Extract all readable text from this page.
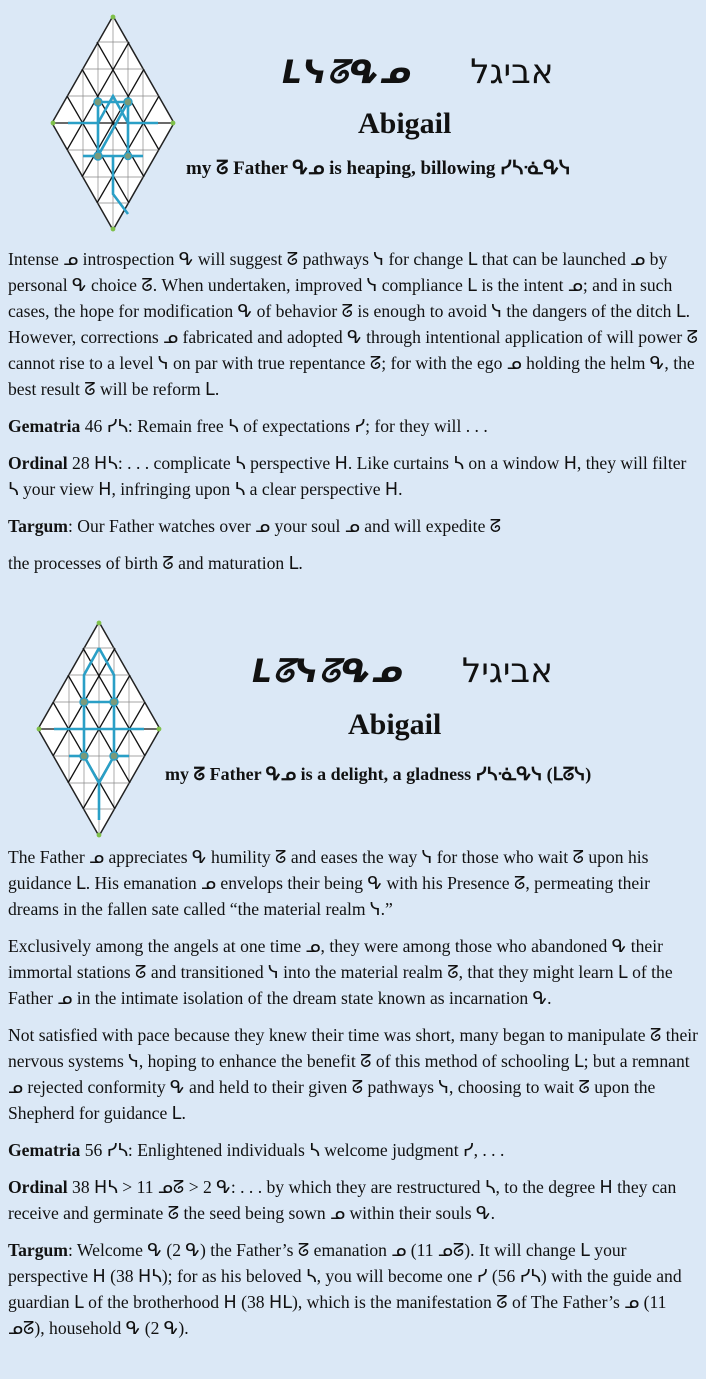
ᒪᓭᘔᕴᓄ אביגל
Abigail
my ᘔ Father ᕴᓄ is heaping, billowing ᓯᓴᓍᕴᓭ

Intense ᓄ introspection ᕴ will suggest ᘔ pathways ᓭ for change ᒪ that can be launched ᓄ by personal ᕴ choice ᘔ. When undertaken, improved ᓭ compliance ᒪ is the intent ᓄ; and in such cases, the hope for modification ᕴ of behavior ᘔ is enough to avoid ᓭ the dangers of the ditch ᒪ. However, corrections ᓄ fabricated and adopted ᕴ through intentional application of will power ᘔ cannot rise to a level ᓭ on par with true repentance ᘔ; for with the ego ᓄ holding the helm ᕴ, the best result ᘔ will be reform ᒪ.

Gematria 46 ᓯᓴ: Remain free ᓴ of expectations ᓯ; for they will . . .

Ordinal 28 ᕼᓴ: . . . complicate ᓴ perspective ᕼ. Like curtains ᓴ on a window ᕼ, they will filter ᓴ your view ᕼ, infringing upon ᓴ a clear perspective ᕼ.

Targum: Our Father watches over ᓄ your soul ᓄ and will expedite ᘔ

the processes of birth ᘔ and maturation ᒪ.

ᒪᘔᓭᘔᕴᓄ אביגיל
Abigail
my ᘔ Father ᕴᓄ is a delight, a gladness ᓯᓴᓍᕴᓭ (ᒪᘔᓭ)

The Father ᓄ appreciates ᕴ humility ᘔ and eases the way ᓭ for those who wait ᘔ upon his guidance ᒪ. His emanation ᓄ envelops their being ᕴ with his Presence ᘔ, permeating their dreams in the fallen sate called “the material realm ᓭ.”

Exclusively among the angels at one time ᓄ, they were among those who abandoned ᕴ their immortal stations ᘔ and transitioned ᓭ into the material realm ᘔ, that they might learn ᒪ of the Father ᓄ in the intimate isolation of the dream state known as incarnation ᕴ.

Not satisfied with pace because they knew their time was short, many began to manipulate ᘔ their nervous systems ᓭ, hoping to enhance the benefit ᘔ of this method of schooling ᒪ; but a remnant ᓄ rejected conformity ᕴ and held to their given ᘔ pathways ᓭ, choosing to wait ᘔ upon the Shepherd for guidance ᒪ.

Gematria 56 ᓯᓴ: Enlightened individuals ᓴ welcome judgment ᓯ, . . .

Ordinal 38 ᕼᓴ > 11 ᓄᘔ > 2 ᕴ: . . . by which they are restructured ᓴ, to the degree ᕼ they can receive and germinate ᘔ the seed being sown ᓄ within their souls ᕴ.

Targum: Welcome ᕴ (2 ᕴ) the Father’s ᘔ emanation ᓄ (11 ᓄᘔ). It will change ᒪ your perspective ᕼ (38 ᕼᓴ); for as his beloved ᓴ, you will become one ᓯ (56 ᓯᓴ) with the guide and guardian ᒪ of the brotherhood ᕼ (38 ᕼᒪ), which is the manifestation ᘔ of The Father’s ᓄ (11 ᓄᘔ), household ᕴ (2 ᕴ).
